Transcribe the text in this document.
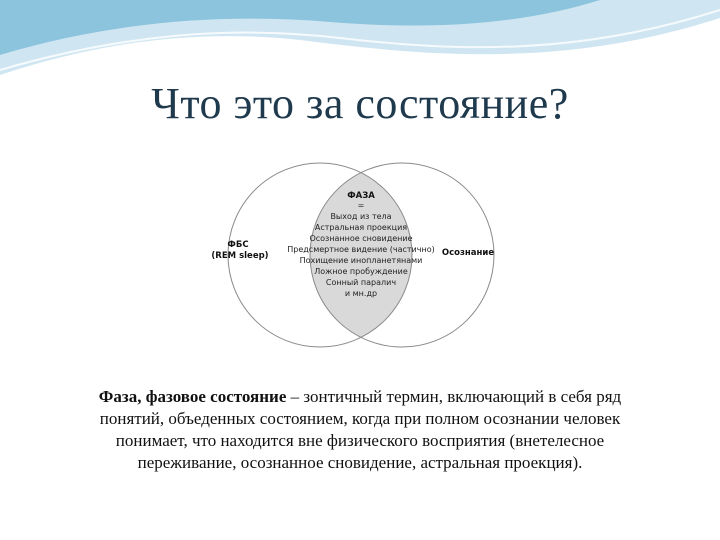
Что это за состояние?
ФБС
(REM sleep)	Осознание
ФАЗА
=
Выход из тела
Астральная проекция
Осознанное сновидение
Предсмертное видение (частично)
Похищение инопланетянами
Ложное пробуждение
Сонный паралич
и мн.др
Фаза, фазовое состояние – зонтичный термин, включающий в себя ряд понятий, объеденных состоянием, когда при полном осознании человек понимает, что находится вне физического восприятия (внетелесное переживание, осознанное сновидение, астральная проекция).
